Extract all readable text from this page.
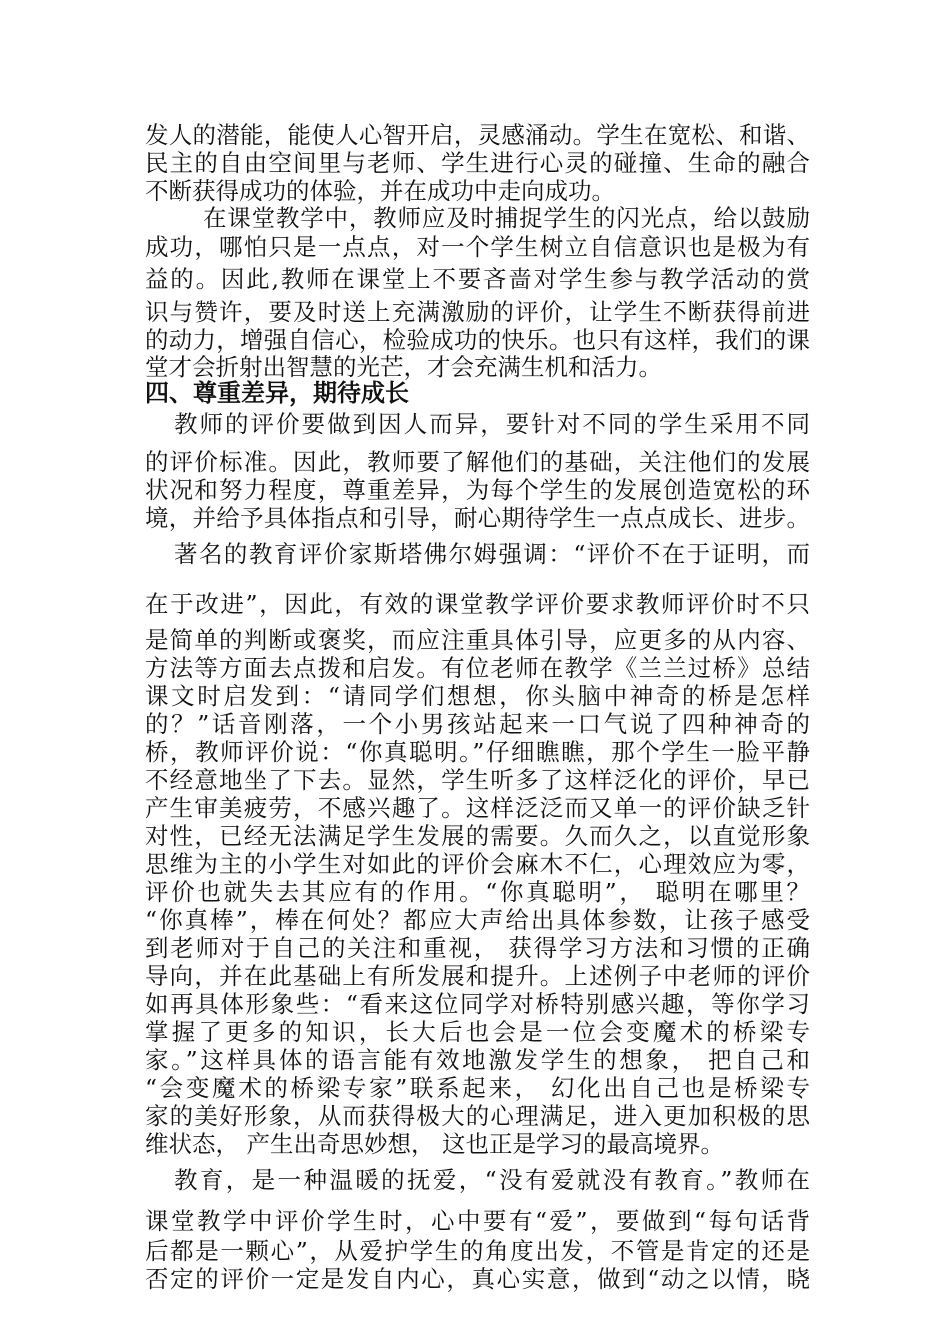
发人的潜能，能使人心智开启，灵感涌动。学生在宽松、和谐、
民主的自由空间里与老师、学生进行心灵的碰撞、生命的融合
不断获得成功的体验，并在成功中走向成功。
在课堂教学中，教师应及时捕捉学生的闪光点，给以鼓励
成功，哪怕只是一点点，对一个学生树立自信意识也是极为有
益的。因此,教师在课堂上不要吝啬对学生参与教学活动的赏
识与赞许，要及时送上充满激励的评价，让学生不断获得前进
的动力，增强自信心，检验成功的快乐。也只有这样，我们的课
堂才会折射出智慧的光芒，才会充满生机和活力。
四、尊重差异，期待成长
教师的评价要做到因人而异，要针对不同的学生采用不同
的评价标准。因此，教师要了解他们的基础，关注他们的发展
状况和努力程度，尊重差异，为每个学生的发展创造宽松的环
境，并给予具体指点和引导，耐心期待学生一点点成长、进步。
著名的教育评价家斯塔佛尔姆强调：“评价不在于证明，而
在于改进”，因此，有效的课堂教学评价要求教师评价时不只
是简单的判断或褒奖，而应注重具体引导，应更多的从内容、
方法等方面去点拨和启发。有位老师在教学《兰兰过桥》总结
课文时启发到：“请同学们想想，你头脑中神奇的桥是怎样
的？”话音刚落，一个小男孩站起来一口气说了四种神奇的
桥，教师评价说：“你真聪明。”仔细瞧瞧，那个学生一脸平静
不经意地坐了下去。显然，学生听多了这样泛化的评价，早已
产生审美疲劳，不感兴趣了。这样泛泛而又单一的评价缺乏针
对性，已经无法满足学生发展的需要。久而久之，以直觉形象
思维为主的小学生对如此的评价会麻木不仁，心理效应为零，
评价也就失去其应有的作用。“你真聪明”， 聪明在哪里？
“你真棒”，棒在何处？都应大声给出具体参数，让孩子感受
到老师对于自己的关注和重视， 获得学习方法和习惯的正确
导向，并在此基础上有所发展和提升。上述例子中老师的评价
如再具体形象些：“看来这位同学对桥特别感兴趣，等你学习
掌握了更多的知识，长大后也会是一位会变魔术的桥梁专
家。”这样具体的语言能有效地激发学生的想象， 把自己和
“会变魔术的桥梁专家”联系起来， 幻化出自己也是桥梁专
家的美好形象，从而获得极大的心理满足，进入更加积极的思
维状态， 产生出奇思妙想， 这也正是学习的最高境界。
教育，是一种温暖的抚爱，“没有爱就没有教育。”教师在
课堂教学中评价学生时，心中要有“爱”，要做到“每句话背
后都是一颗心”，从爱护学生的角度出发，不管是肯定的还是
否定的评价一定是发自内心，真心实意，做到“动之以情，晓
